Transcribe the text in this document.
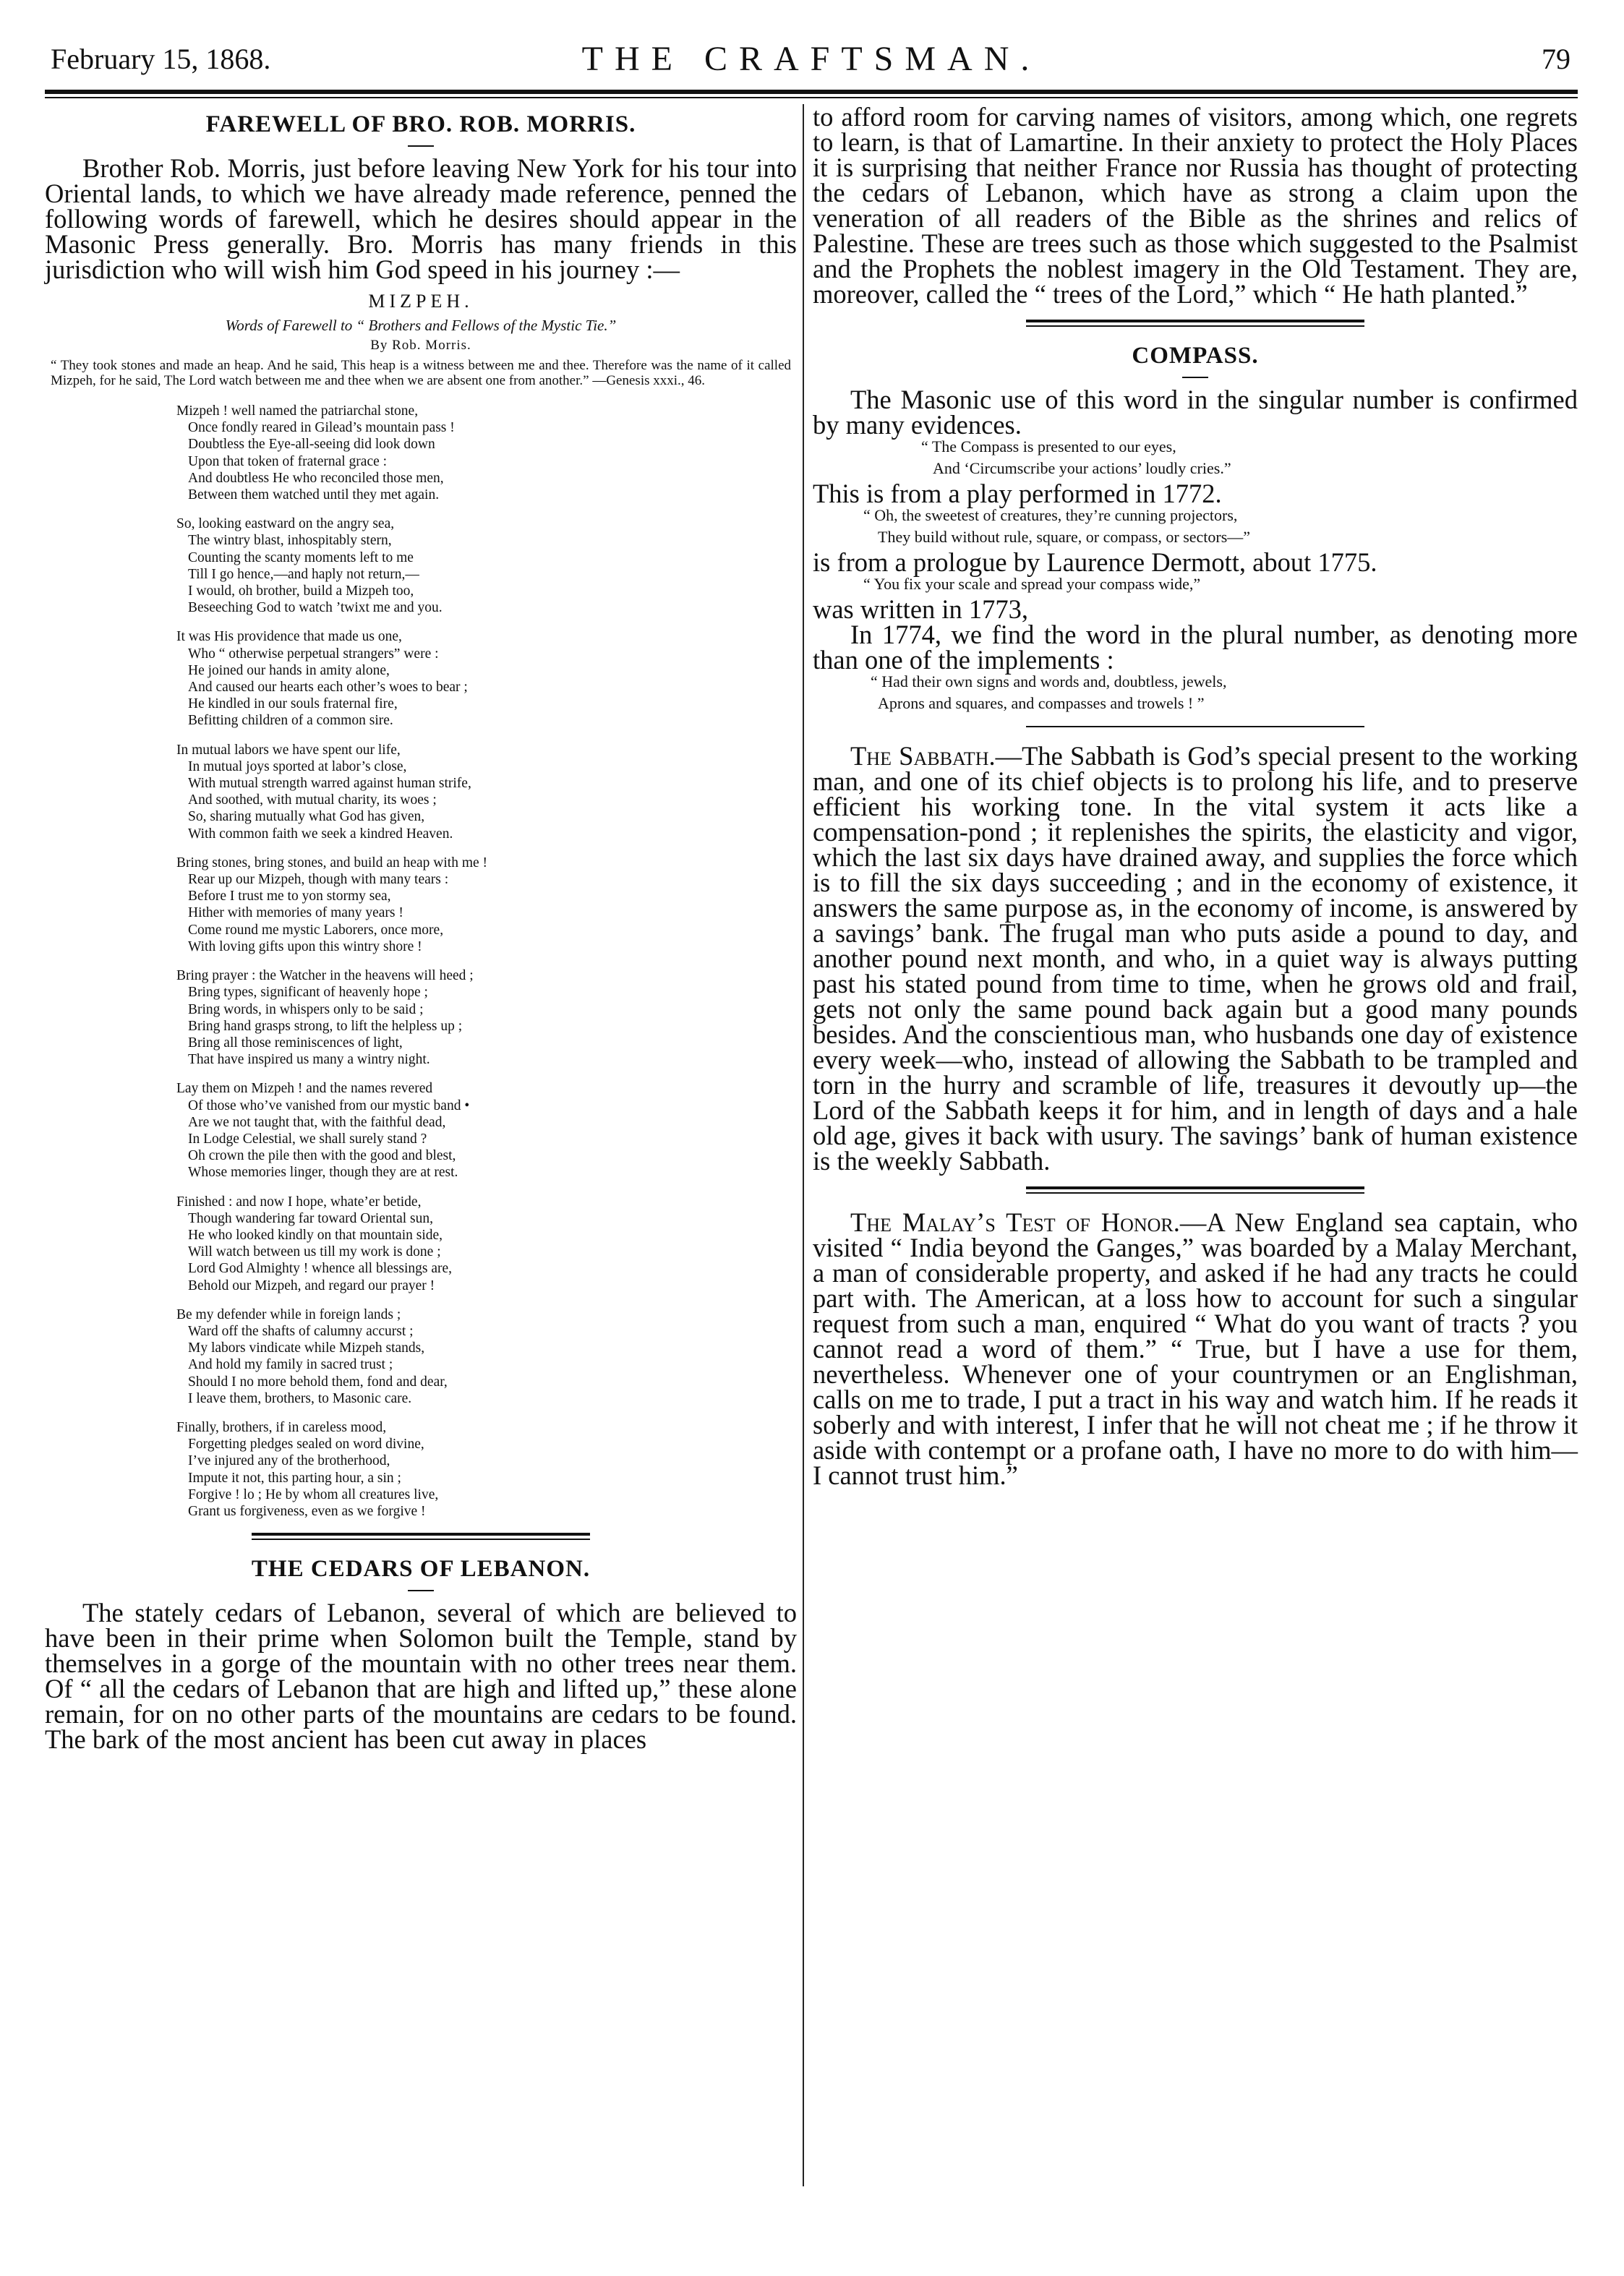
February 15, 1868.	THE CRAFTSMAN.	79
FAREWELL OF BRO. ROB. MORRIS.

Brother Rob. Morris, just before leaving New York for his tour into Oriental lands, to which we have already made reference, penned the following words of farewell, which he desires should appear in the Masonic Press generally. Bro. Morris has many friends in this jurisdiction who will wish him God speed in his journey :—

MIZPEH.

Words of Farewell to “ Brothers and Fellows of the Mystic Tie.”

By Rob. Morris.

“ They took stones and made an heap. And he said, This heap is a witness between me and thee. Therefore was the name of it called Mizpeh, for he said, The Lord watch between me and thee when we are absent one from another.” —Genesis xxxi., 46.

Mizpeh ! well named the patriarchal stone,
Once fondly reared in Gilead’s mountain pass !
Doubtless the Eye-all-seeing did look down
Upon that token of fraternal grace :
And doubtless He who reconciled those men,
Between them watched until they met again.
So, looking eastward on the angry sea,
The wintry blast, inhospitably stern,
Counting the scanty moments left to me
Till I go hence,—and haply not return,—
I would, oh brother, build a Mizpeh too,
Beseeching God to watch ’twixt me and you.
It was His providence that made us one,
Who “ otherwise perpetual strangers” were :
He joined our hands in amity alone,
And caused our hearts each other’s woes to bear ;
He kindled in our souls fraternal fire,
Befitting children of a common sire.
In mutual labors we have spent our life,
In mutual joys sported at labor’s close,
With mutual strength warred against human strife,
And soothed, with mutual charity, its woes ;
So, sharing mutually what God has given,
With common faith we seek a kindred Heaven.
Bring stones, bring stones, and build an heap with me !
Rear up our Mizpeh, though with many tears :
Before I trust me to yon stormy sea,
Hither with memories of many years !
Come round me mystic Laborers, once more,
With loving gifts upon this wintry shore !
Bring prayer : the Watcher in the heavens will heed ;
Bring types, significant of heavenly hope ;
Bring words, in whispers only to be said ;
Bring hand grasps strong, to lift the helpless up ;
Bring all those reminiscences of light,
That have inspired us many a wintry night.
Lay them on Mizpeh ! and the names revered
Of those who’ve vanished from our mystic band •
Are we not taught that, with the faithful dead,
In Lodge Celestial, we shall surely stand ?
Oh crown the pile then with the good and blest,
Whose memories linger, though they are at rest.
Finished : and now I hope, whate’er betide,
Though wandering far toward Oriental sun,
He who looked kindly on that mountain side,
Will watch between us till my work is done ;
Lord God Almighty ! whence all blessings are,
Behold our Mizpeh, and regard our prayer !
Be my defender while in foreign lands ;
Ward off the shafts of calumny accurst ;
My labors vindicate while Mizpeh stands,
And hold my family in sacred trust ;
Should I no more behold them, fond and dear,
I leave them, brothers, to Masonic care.
Finally, brothers, if in careless mood,
Forgetting pledges sealed on word divine,
I’ve injured any of the brotherhood,
Impute it not, this parting hour, a sin ;
Forgive ! lo ; He by whom all creatures live,
Grant us forgiveness, even as we forgive !
THE CEDARS OF LEBANON.

The stately cedars of Lebanon, several of which are believed to have been in their prime when Solomon built the Temple, stand by themselves in a gorge of the mountain with no other trees near them. Of “ all the cedars of Lebanon that are high and lifted up,” these alone remain, for on no other parts of the mountains are cedars to be found. The bark of the most ancient has been cut away in places

to afford room for carving names of visitors, among which, one regrets to learn, is that of Lamartine. In their anxiety to protect the Holy Places it is surprising that neither France nor Russia has thought of protecting the cedars of Lebanon, which have as strong a claim upon the veneration of all readers of the Bible as the shrines and relics of Palestine. These are trees such as those which suggested to the Psalmist and the Prophets the noblest imagery in the Old Testament. They are, moreover, called the “ trees of the Lord,” which “ He hath planted.”

COMPASS.

The Masonic use of this word in the singular number is confirmed by many evidences.

“ The Compass is presented to our eyes,
And ‘Circumscribe your actions’ loudly cries.”

This is from a play performed in 1772.

“ Oh, the sweetest of creatures, they’re cunning projectors,
They build without rule, square, or compass, or sectors—”

is from a prologue by Laurence Dermott, about 1775.

“ You fix your scale and spread your compass wide,”

was written in 1773,

In 1774, we find the word in the plural number, as denoting more than one of the implements :

“ Had their own signs and words and, doubtless, jewels,
Aprons and squares, and compasses and trowels ! ”

The Sabbath.—The Sabbath is God’s special present to the working man, and one of its chief objects is to prolong his life, and to preserve efficient his working tone. In the vital system it acts like a compensation-pond ; it replenishes the spirits, the elasticity and vigor, which the last six days have drained away, and supplies the force which is to fill the six days succeeding ; and in the economy of existence, it answers the same purpose as, in the economy of income, is answered by a savings’ bank. The frugal man who puts aside a pound to day, and another pound next month, and who, in a quiet way is always putting past his stated pound from time to time, when he grows old and frail, gets not only the same pound back again but a good many pounds besides. And the conscientious man, who husbands one day of existence every week—who, instead of allowing the Sabbath to be trampled and torn in the hurry and scramble of life, treasures it devoutly up—the Lord of the Sabbath keeps it for him, and in length of days and a hale old age, gives it back with usury. The savings’ bank of human existence is the weekly Sabbath.

The Malay’s Test of Honor.—A New England sea captain, who visited “ India beyond the Ganges,” was boarded by a Malay Merchant, a man of considerable property, and asked if he had any tracts he could part with. The American, at a loss how to account for such a singular request from such a man, enquired “ What do you want of tracts ? you cannot read a word of them.” “ True, but I have a use for them, nevertheless. Whenever one of your countrymen or an Englishman, calls on me to trade, I put a tract in his way and watch him. If he reads it soberly and with interest, I infer that he will not cheat me ; if he throw it aside with contempt or a profane oath, I have no more to do with him—I cannot trust him.”
